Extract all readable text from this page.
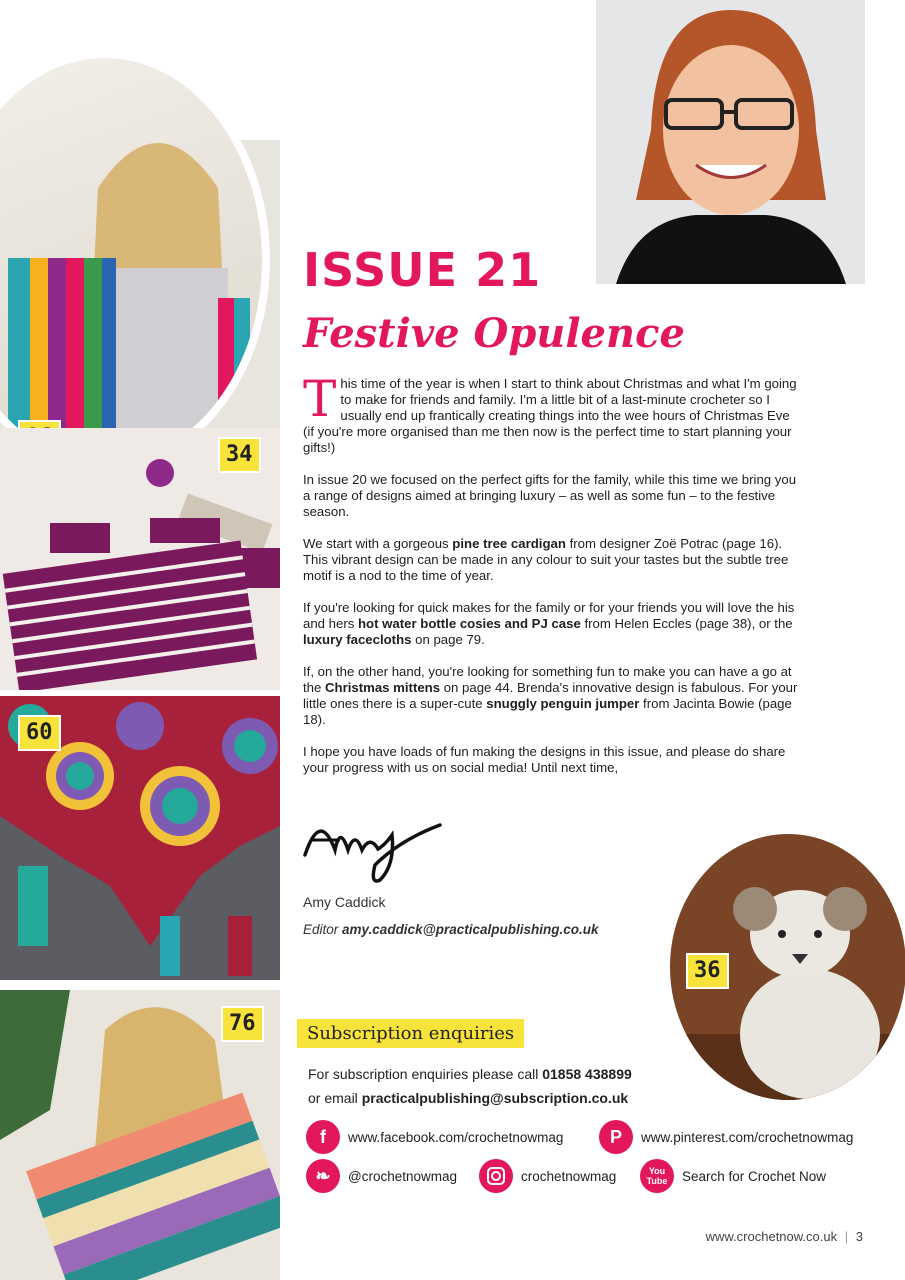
34
60
76
ISSUE 21
Festive Opulence

This time of the year is when I start to think about Christmas and what I'm going to make for friends and family. I'm a little bit of a last-minute crocheter so I usually end up frantically creating things into the wee hours of Christmas Eve (if you're more organised than me then now is the perfect time to start planning your gifts!)

In issue 20 we focused on the perfect gifts for the family, while this time we bring you a range of designs aimed at bringing luxury – as well as some fun – to the festive season.

We start with a gorgeous pine tree cardigan from designer Zoë Potrac (page 16). This vibrant design can be made in any colour to suit your tastes but the subtle tree motif is a nod to the time of year.

If you're looking for quick makes for the family or for your friends you will love the his and hers hot water bottle cosies and PJ case from Helen Eccles (page 38), or the luxury facecloths on page 79.

If, on the other hand, you're looking for something fun to make you can have a go at the Christmas mittens on page 44. Brenda's innovative design is fabulous. For your little ones there is a super-cute snuggly penguin jumper from Jacinta Bowie (page 18).

I hope you have loads of fun making the designs in this issue, and please do share your progress with us on social media! Until next time,

Amy Caddick
Editor amy.caddick@practicalpublishing.co.uk
36
Subscription enquiries
For subscription enquiries please call 01858 438899
or email practicalpublishing@subscription.co.uk
f	www.facebook.com/crochetnowmag	P	www.pinterest.com/crochetnowmag
❧	@crochetnowmag	crochetnowmag	You Tube	Search for Crochet Now
www.crochetnow.co.uk | 3
